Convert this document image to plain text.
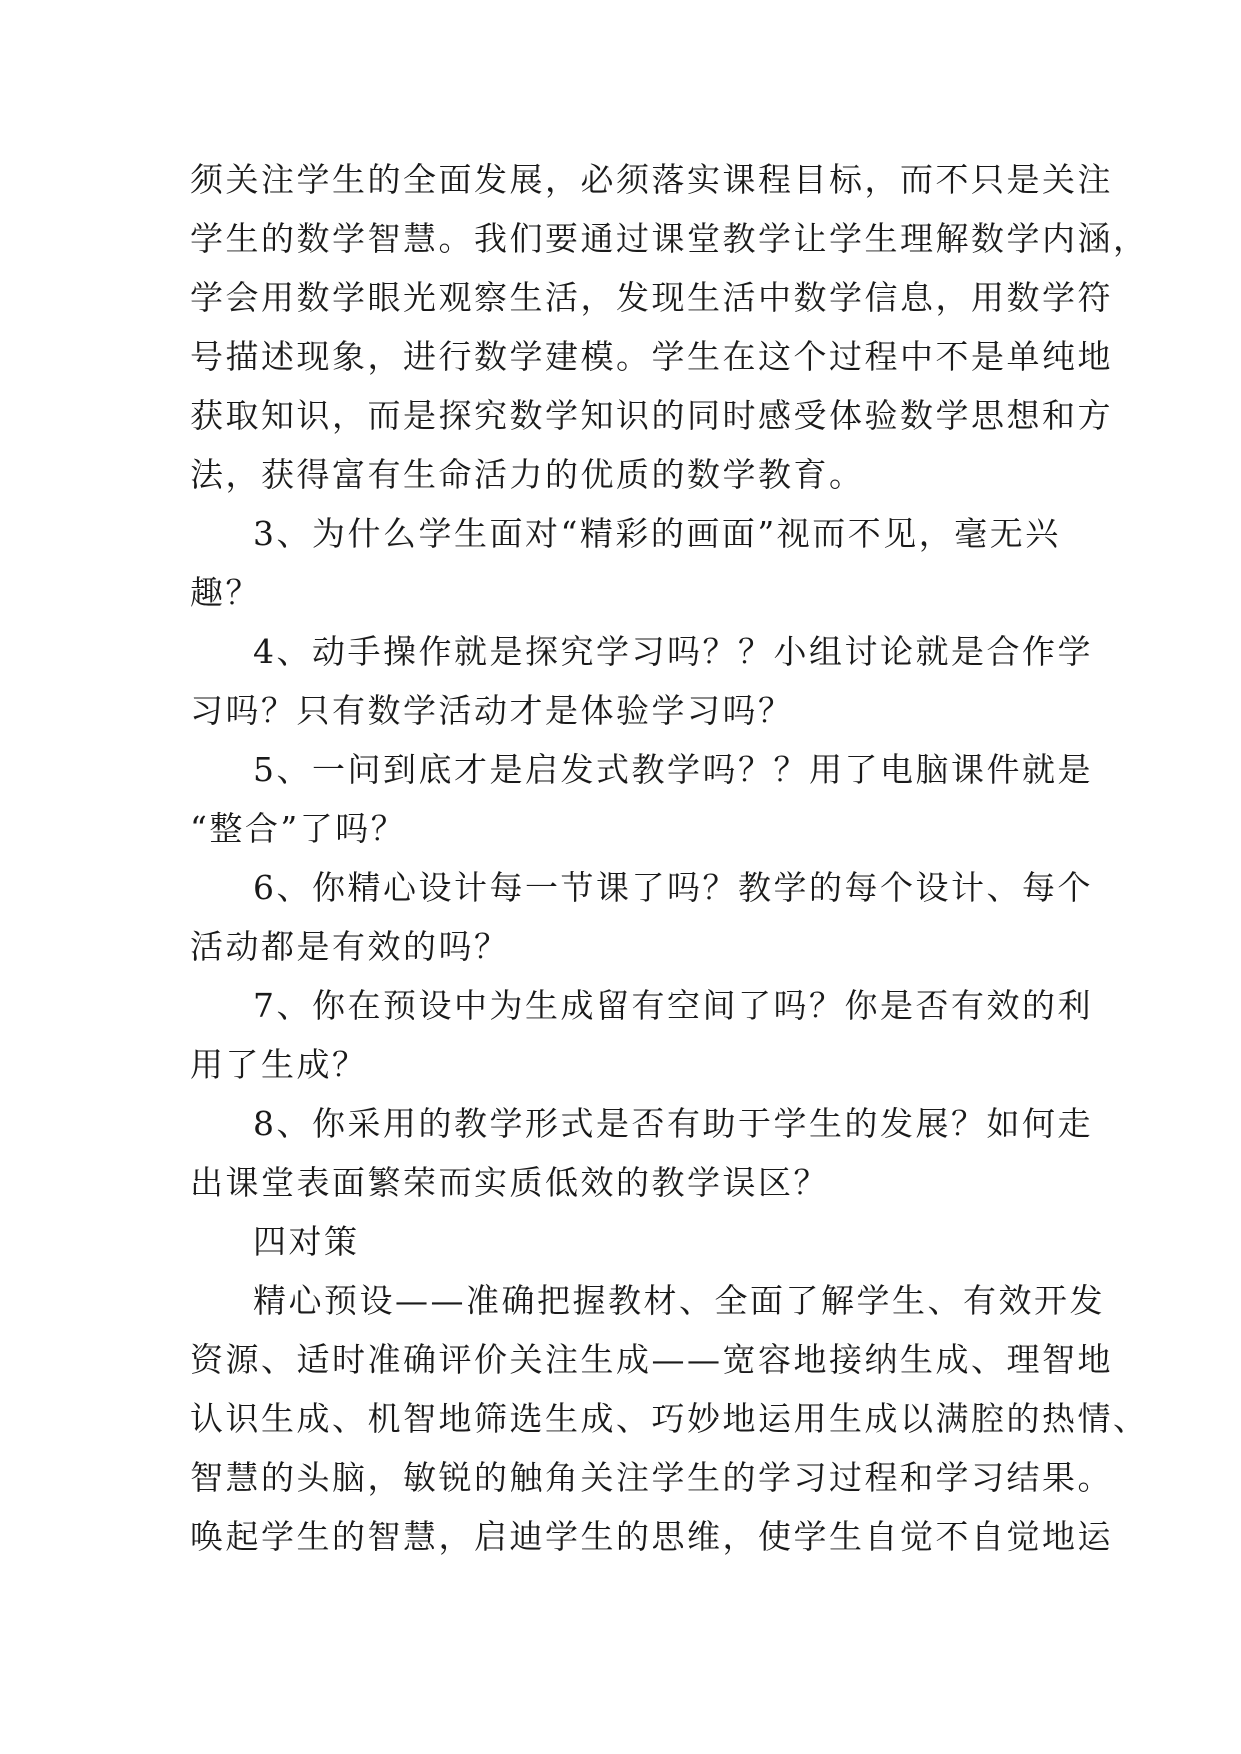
须关注学生的全面发展，必须落实课程目标，而不只是关注
学生的数学智慧。我们要通过课堂教学让学生理解数学内涵，
学会用数学眼光观察生活，发现生活中数学信息，用数学符
号描述现象，进行数学建模。学生在这个过程中不是单纯地
获取知识，而是探究数学知识的同时感受体验数学思想和方
法，获得富有生命活力的优质的数学教育。
3、为什么学生面对“精彩的画面”视而不见，毫无兴
趣？
4、动手操作就是探究学习吗？？小组讨论就是合作学
习吗？只有数学活动才是体验学习吗？
5、一问到底才是启发式教学吗？？用了电脑课件就是
“整合”了吗？
6、你精心设计每一节课了吗？教学的每个设计、每个
活动都是有效的吗？
7、你在预设中为生成留有空间了吗？你是否有效的利
用了生成？
8、你采用的教学形式是否有助于学生的发展？如何走
出课堂表面繁荣而实质低效的教学误区？
四对策
精心预设——准确把握教材、全面了解学生、有效开发
资源、适时准确评价关注生成——宽容地接纳生成、理智地
认识生成、机智地筛选生成、巧妙地运用生成以满腔的热情、
智慧的头脑，敏锐的触角关注学生的学习过程和学习结果。
唤起学生的智慧，启迪学生的思维，使学生自觉不自觉地运
